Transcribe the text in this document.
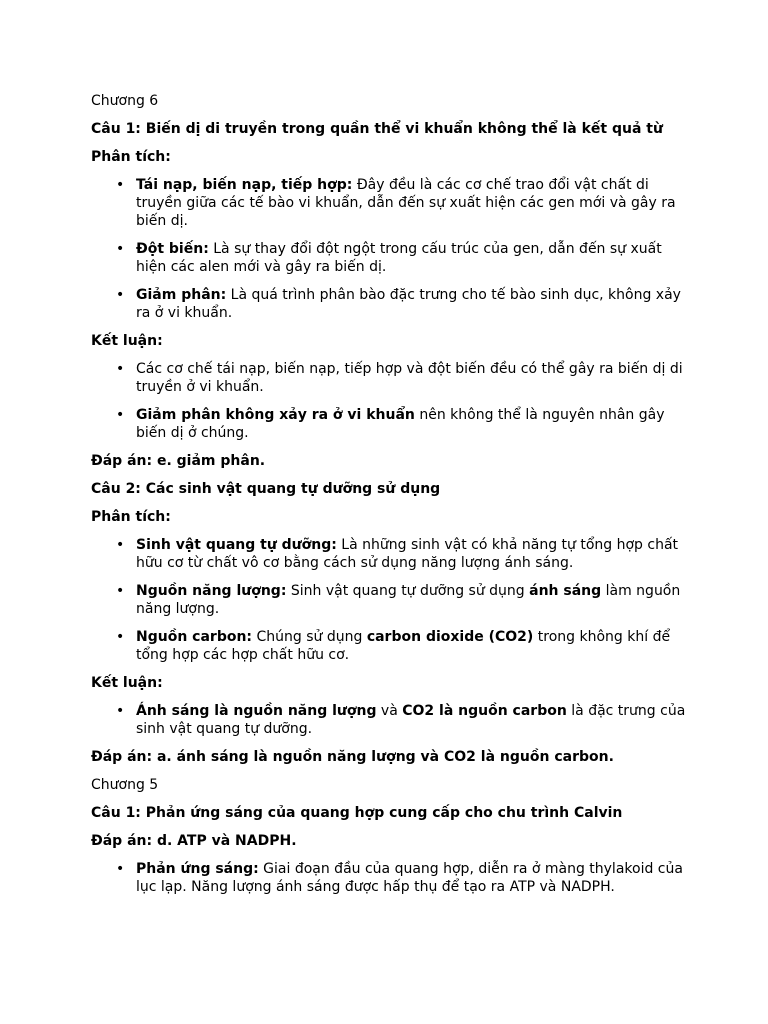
Chương 6

Câu 1: Biến dị di truyền trong quần thể vi khuẩn không thể là kết quả từ

Phân tích:

• Tái nạp, biến nạp, tiếp hợp: Đây đều là các cơ chế trao đổi vật chất di truyền giữa các tế bào vi khuẩn, dẫn đến sự xuất hiện các gen mới và gây ra biến dị.
• Đột biến: Là sự thay đổi đột ngột trong cấu trúc của gen, dẫn đến sự xuất hiện các alen mới và gây ra biến dị.
• Giảm phân: Là quá trình phân bào đặc trưng cho tế bào sinh dục, không xảy ra ở vi khuẩn.

Kết luận:

• Các cơ chế tái nạp, biến nạp, tiếp hợp và đột biến đều có thể gây ra biến dị di truyền ở vi khuẩn.
• Giảm phân không xảy ra ở vi khuẩn nên không thể là nguyên nhân gây biến dị ở chúng.

Đáp án: e. giảm phân.

Câu 2: Các sinh vật quang tự dưỡng sử dụng

Phân tích:

• Sinh vật quang tự dưỡng: Là những sinh vật có khả năng tự tổng hợp chất hữu cơ từ chất vô cơ bằng cách sử dụng năng lượng ánh sáng.
• Nguồn năng lượng: Sinh vật quang tự dưỡng sử dụng ánh sáng làm nguồn năng lượng.
• Nguồn carbon: Chúng sử dụng carbon dioxide (CO2) trong không khí để tổng hợp các hợp chất hữu cơ.

Kết luận:

• Ánh sáng là nguồn năng lượng và CO2 là nguồn carbon là đặc trưng của sinh vật quang tự dưỡng.

Đáp án: a. ánh sáng là nguồn năng lượng và CO2 là nguồn carbon.

Chương 5

Câu 1: Phản ứng sáng của quang hợp cung cấp cho chu trình Calvin

Đáp án: d. ATP và NADPH.

• Phản ứng sáng: Giai đoạn đầu của quang hợp, diễn ra ở màng thylakoid của lục lạp. Năng lượng ánh sáng được hấp thụ để tạo ra ATP và NADPH.
